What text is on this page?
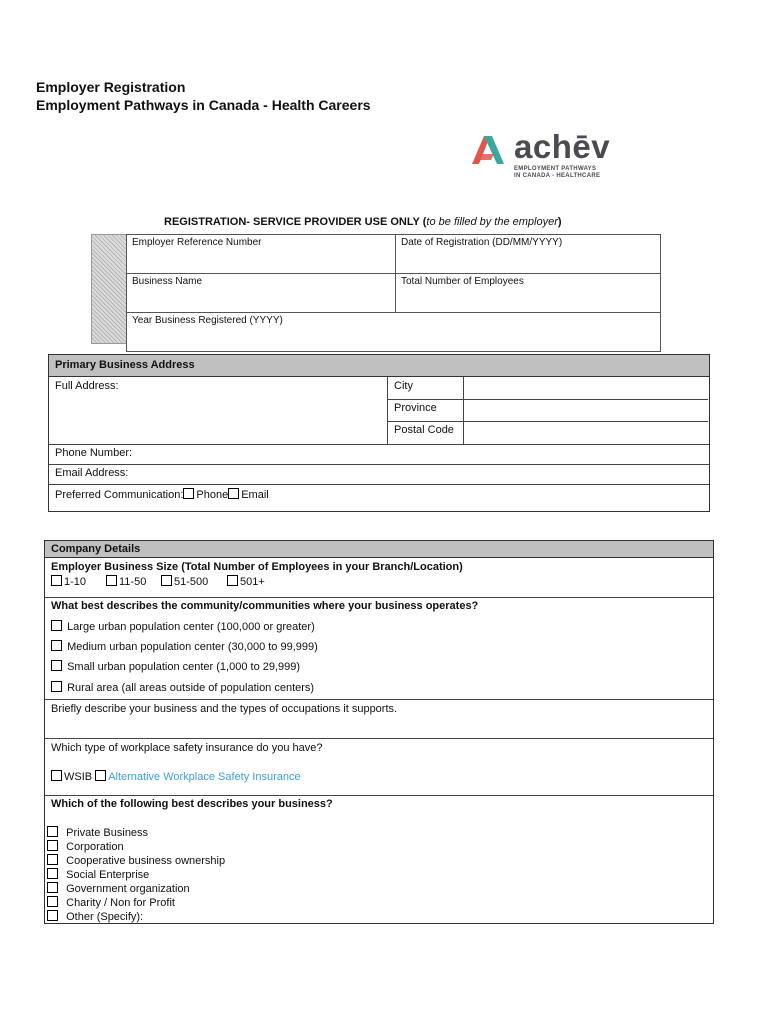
Employer Registration
Employment Pathways in Canada - Health Careers
achēv
EMPLOYMENT PATHWAYS
IN CANADA - HEALTHCARE
REGISTRATION- SERVICE PROVIDER USE ONLY (to be filled by the employer)
Employer Reference Number	Date of Registration (DD/MM/YYYY)
Business Name	Total Number of Employees
Year Business Registered (YYYY)	
Primary Business Address
Full Address:	City
Province
Postal Code
Phone Number:
Email Address:
Preferred Communication: Phone Email
Company Details
Employer Business Size (Total Number of Employees in your Branch/Location)
1-10	11-50	51-500	501+
What best describes the community/communities where your business operates?
Large urban population center (100,000 or greater)
Medium urban population center (30,000 to 99,999)
Small urban population center (1,000 to 29,999)
Rural area (all areas outside of population centers)
Briefly describe your business and the types of occupations it supports.
Which type of workplace safety insurance do you have?
WSIB Alternative Workplace Safety Insurance
Which of the following best describes your business?
Private Business
Corporation
Cooperative business ownership
Social Enterprise
Government organization
Charity / Non for Profit
Other (Specify):
